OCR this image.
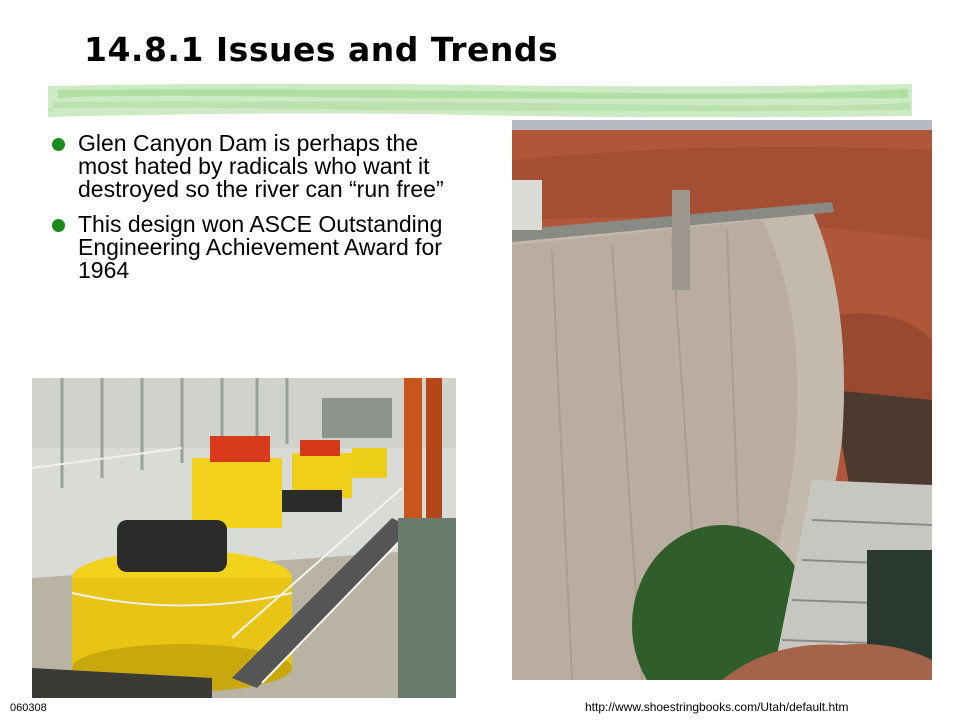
14.8.1 Issues and Trends
Glen Canyon Dam is perhaps the most hated by radicals who want it destroyed so the river can “run free”
This design won ASCE Outstanding Engineering Achievement Award for 1964
060308	http://www.shoestringbooks.com/Utah/default.htm
